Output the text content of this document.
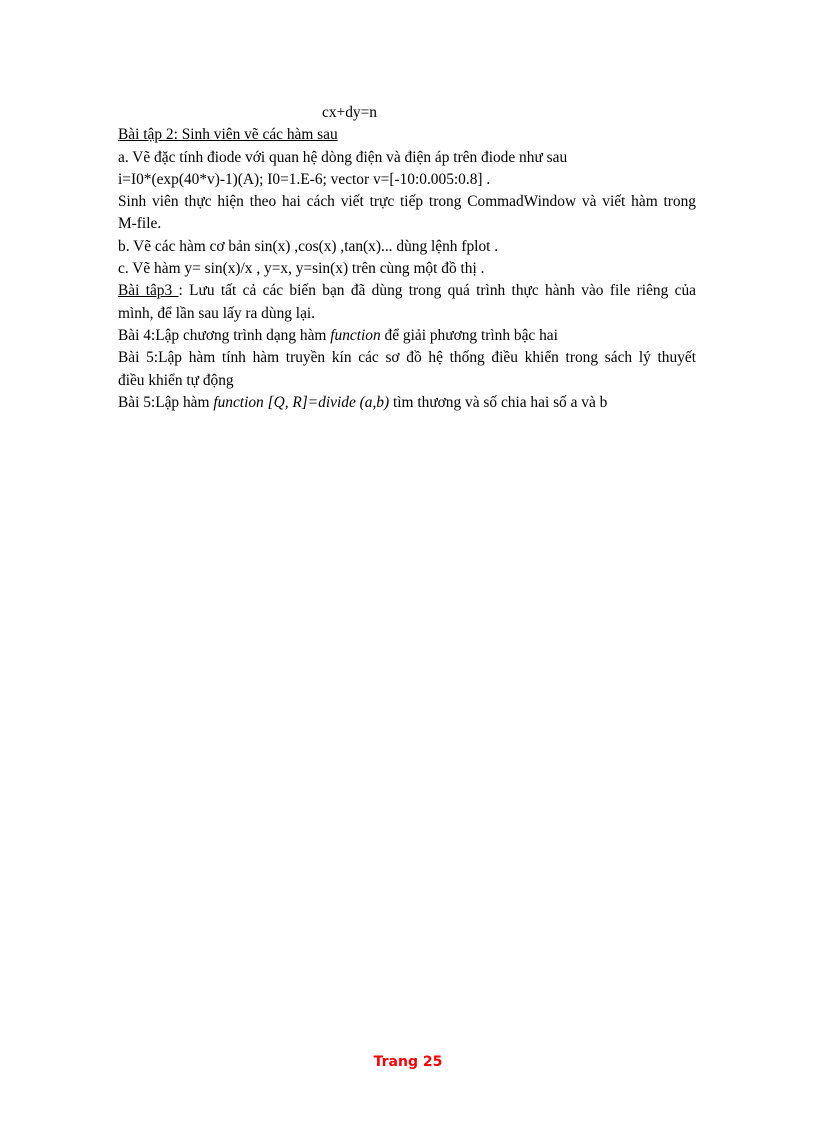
cx+dy=n
Bài tập 2: Sinh viên vẽ các hàm sau
a. Vẽ đặc tính điode với quan hệ dòng điện và điện áp trên điode như sau
i=I0*(exp(40*v)-1)(A); I0=1.E-6; vector v=[-10:0.005:0.8] .
Sinh viên thực hiện theo hai cách viết trực tiếp trong CommadWindow và viết hàm trong
M-file.
b. Vẽ các hàm cơ bản sin(x) ,cos(x) ,tan(x)... dùng lệnh fplot .
c. Vẽ hàm y= sin(x)/x , y=x, y=sin(x) trên cùng một đồ thị .
Bài tâp3 : Lưu tất cả các biến bạn đã dùng trong quá trình thực hành vào file riêng của
mình, để lần sau lấy ra dùng lại.
Bài 4:Lập chương trình dạng hàm function để giải phương trình bậc hai
Bài 5:Lập hàm tính hàm truyền kín các sơ đồ hệ thống điều khiển trong sách lý thuyết
điều khiển tự động
Bài 5:Lập hàm function [Q, R]=divide (a,b) tìm thương và số chia hai số a và b
Trang 25
